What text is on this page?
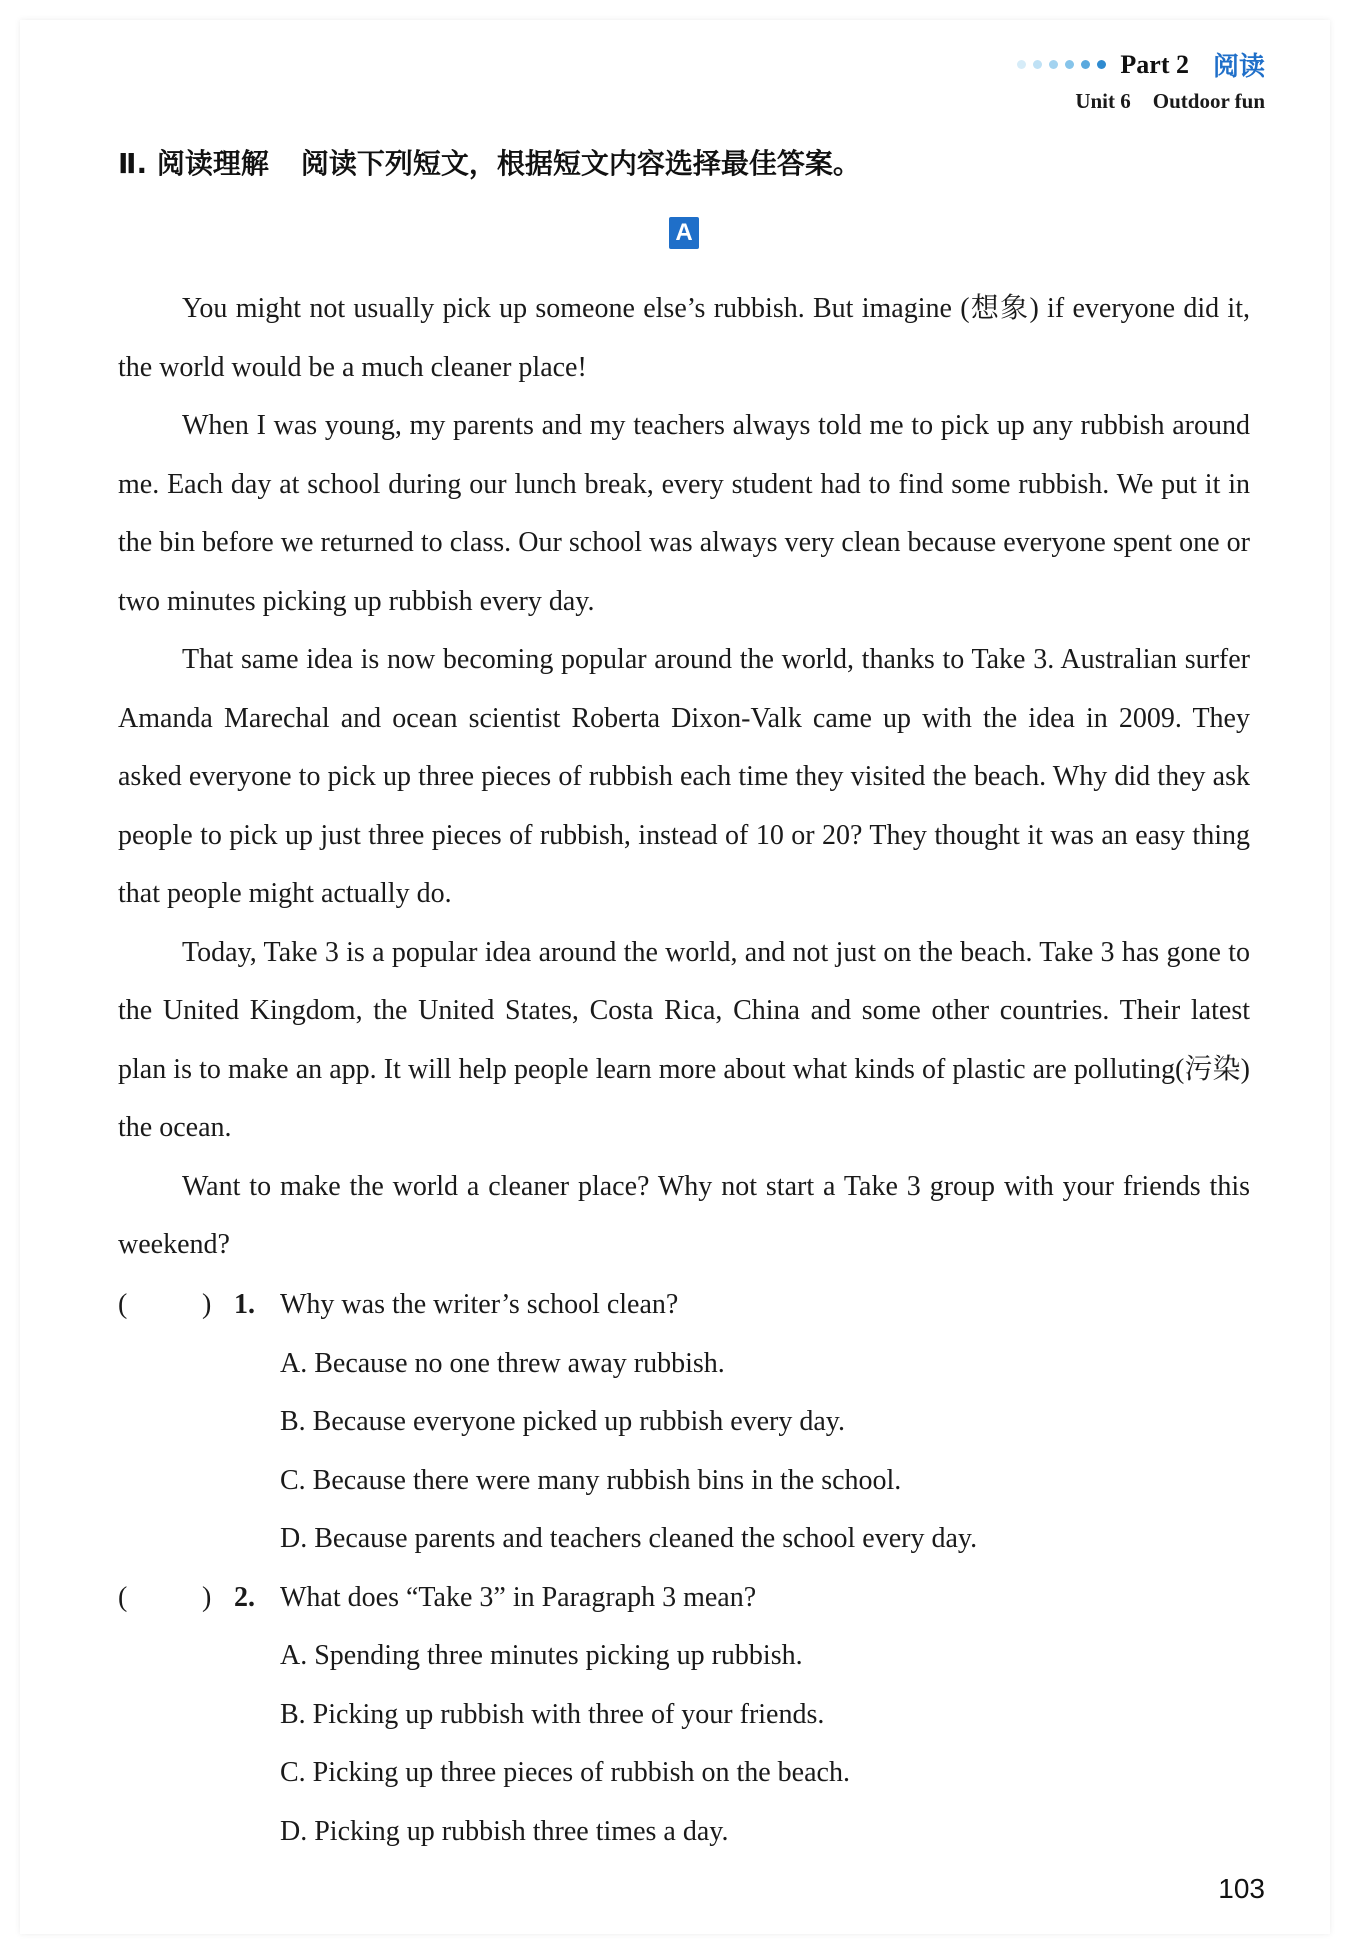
Part 2 阅读
Unit 6 Outdoor fun
Ⅱ. 阅读理解 阅读下列短文，根据短文内容选择最佳答案。
A

You might not usually pick up someone else’s rubbish. But imagine (想象) if everyone did it, the world would be a much cleaner place!

When I was young, my parents and my teachers always told me to pick up any rubbish around me. Each day at school during our lunch break, every student had to find some rubbish. We put it in the bin before we returned to class. Our school was always very clean because everyone spent one or two minutes picking up rubbish every day.

That same idea is now becoming popular around the world, thanks to Take 3. Australian surfer Amanda Marechal and ocean scientist Roberta Dixon-Valk came up with the idea in 2009. They asked everyone to pick up three pieces of rubbish each time they visited the beach. Why did they ask people to pick up just three pieces of rubbish, instead of 10 or 20? They thought it was an easy thing that people might actually do.

Today, Take 3 is a popular idea around the world, and not just on the beach. Take 3 has gone to the United Kingdom, the United States, Costa Rica, China and some other countries. Their latest plan is to make an app. It will help people learn more about what kinds of plastic are polluting(污染) the ocean.

Want to make the world a cleaner place? Why not start a Take 3 group with your friends this weekend?

(	) 1. Why was the writer’s school clean?
A. Because no one threw away rubbish.
B. Because everyone picked up rubbish every day.
C. Because there were many rubbish bins in the school.
D. Because parents and teachers cleaned the school every day.
(	) 2. What does “Take 3” in Paragraph 3 mean?
A. Spending three minutes picking up rubbish.
B. Picking up rubbish with three of your friends.
C. Picking up three pieces of rubbish on the beach.
D. Picking up rubbish three times a day.
103
